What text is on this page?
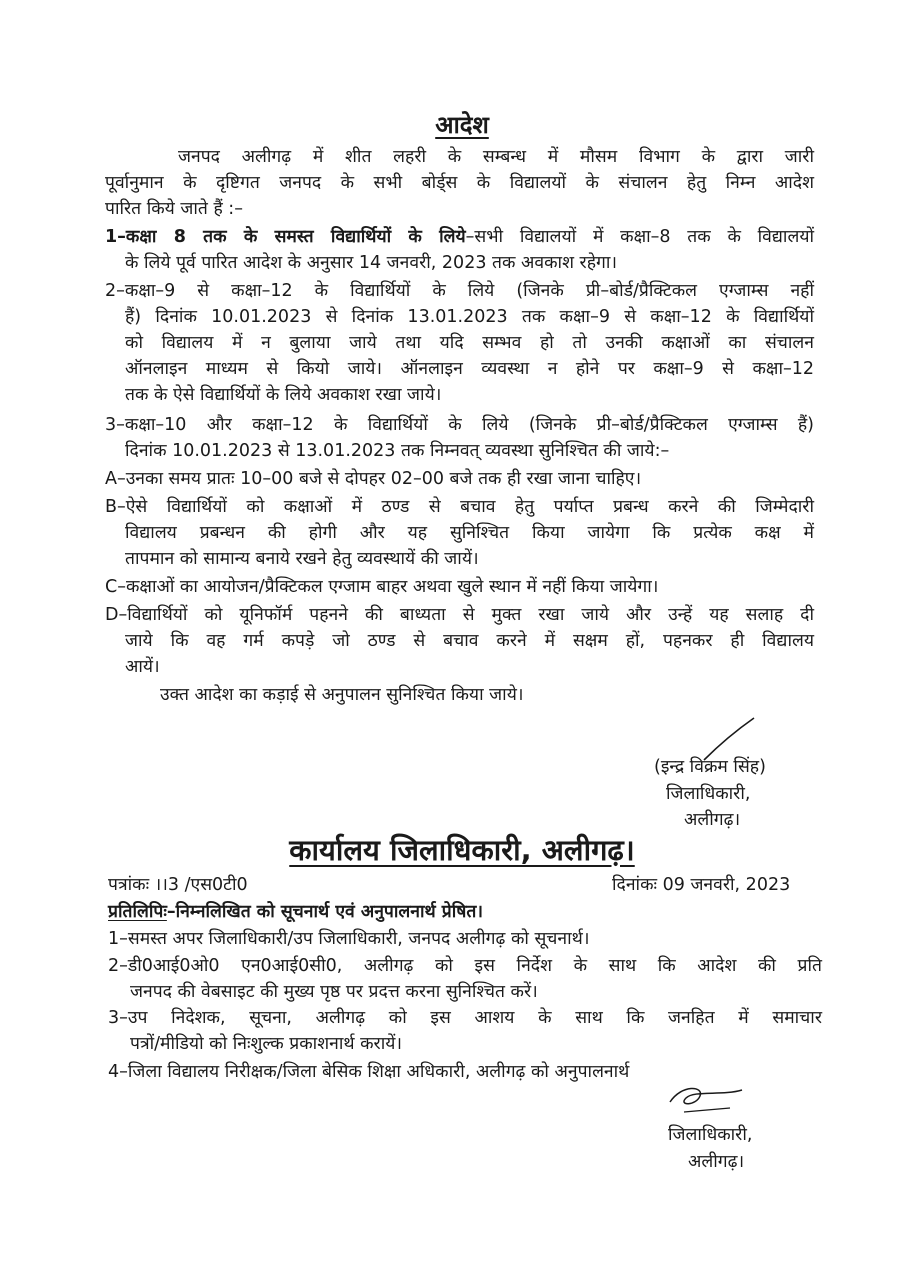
आदेश
जनपद अलीगढ़ में शीत लहरी के सम्बन्ध में मौसम विभाग के द्वारा जारी
पूर्वानुमान के दृष्टिगत जनपद के सभी बोर्ड्स के विद्यालयों के संचालन हेतु निम्न आदेश
पारित किये जाते हैं :–
1–कक्षा 8 तक के समस्त विद्यार्थियों के लिये–सभी विद्यालयों में कक्षा–8 तक के विद्यालयों
के लिये पूर्व पारित आदेश के अनुसार 14 जनवरी, 2023 तक अवकाश रहेगा।
2–कक्षा–9 से कक्षा–12 के विद्यार्थियों के लिये (जिनके प्री–बोर्ड/प्रैक्टिकल एग्जाम्स नहीं
हैं) दिनांक 10.01.2023 से दिनांक 13.01.2023 तक कक्षा–9 से कक्षा–12 के विद्यार्थियों
को विद्यालय में न बुलाया जाये तथा यदि सम्भव हो तो उनकी कक्षाओं का संचालन
ऑनलाइन माध्यम से कियो जाये। ऑनलाइन व्यवस्था न होने पर कक्षा–9 से कक्षा–12
तक के ऐसे विद्यार्थियों के लिये अवकाश रखा जाये।
3–कक्षा–10 और कक्षा–12 के विद्यार्थियों के लिये (जिनके प्री–बोर्ड/प्रैक्टिकल एग्जाम्स हैं)
दिनांक 10.01.2023 से 13.01.2023 तक निम्नवत् व्यवस्था सुनिश्चित की जाये:–
A–उनका समय प्रातः 10–00 बजे से दोपहर 02–00 बजे तक ही रखा जाना चाहिए।
B–ऐसे विद्यार्थियों को कक्षाओं में ठण्ड से बचाव हेतु पर्याप्त प्रबन्ध करने की जिम्मेदारी
विद्यालय प्रबन्धन की होगी और यह सुनिश्चित किया जायेगा कि प्रत्येक कक्ष में
तापमान को सामान्य बनाये रखने हेतु व्यवस्थायें की जायें।
C–कक्षाओं का आयोजन/प्रैक्टिकल एग्जाम बाहर अथवा खुले स्थान में नहीं किया जायेगा।
D–विद्यार्थियों को यूनिफॉर्म पहनने की बाध्यता से मुक्त रखा जाये और उन्हें यह सलाह दी
जाये कि वह गर्म कपड़े जो ठण्ड से बचाव करने में सक्षम हों, पहनकर ही विद्यालय
आयें।
उक्त आदेश का कड़ाई से अनुपालन सुनिश्चित किया जाये।
(इन्द्र विक्रम सिंह)
जिलाधिकारी,
अलीगढ़।
कार्यालय जिलाधिकारी, अलीगढ़।
पत्रांकः ।।3 /एस0टी0	दिनांकः 09 जनवरी, 2023
प्रतिलिपिः–निम्नलिखित को सूचनार्थ एवं अनुपालनार्थ प्रेषित।
1–समस्त अपर जिलाधिकारी/उप जिलाधिकारी, जनपद अलीगढ़ को सूचनार्थ।
2–डी0आई0ओ0 एन0आई0सी0, अलीगढ़ को इस निर्देश के साथ कि आदेश की प्रति
जनपद की वेबसाइट की मुख्य पृष्ठ पर प्रदत्त करना सुनिश्चित करें।
3–उप निदेशक, सूचना, अलीगढ़ को इस आशय के साथ कि जनहित में समाचार
पत्रों/मीडियो को निःशुल्क प्रकाशनार्थ करायें।
4–जिला विद्यालय निरीक्षक/जिला बेसिक शिक्षा अधिकारी, अलीगढ़ को अनुपालनार्थ
जिलाधिकारी,
अलीगढ़।
